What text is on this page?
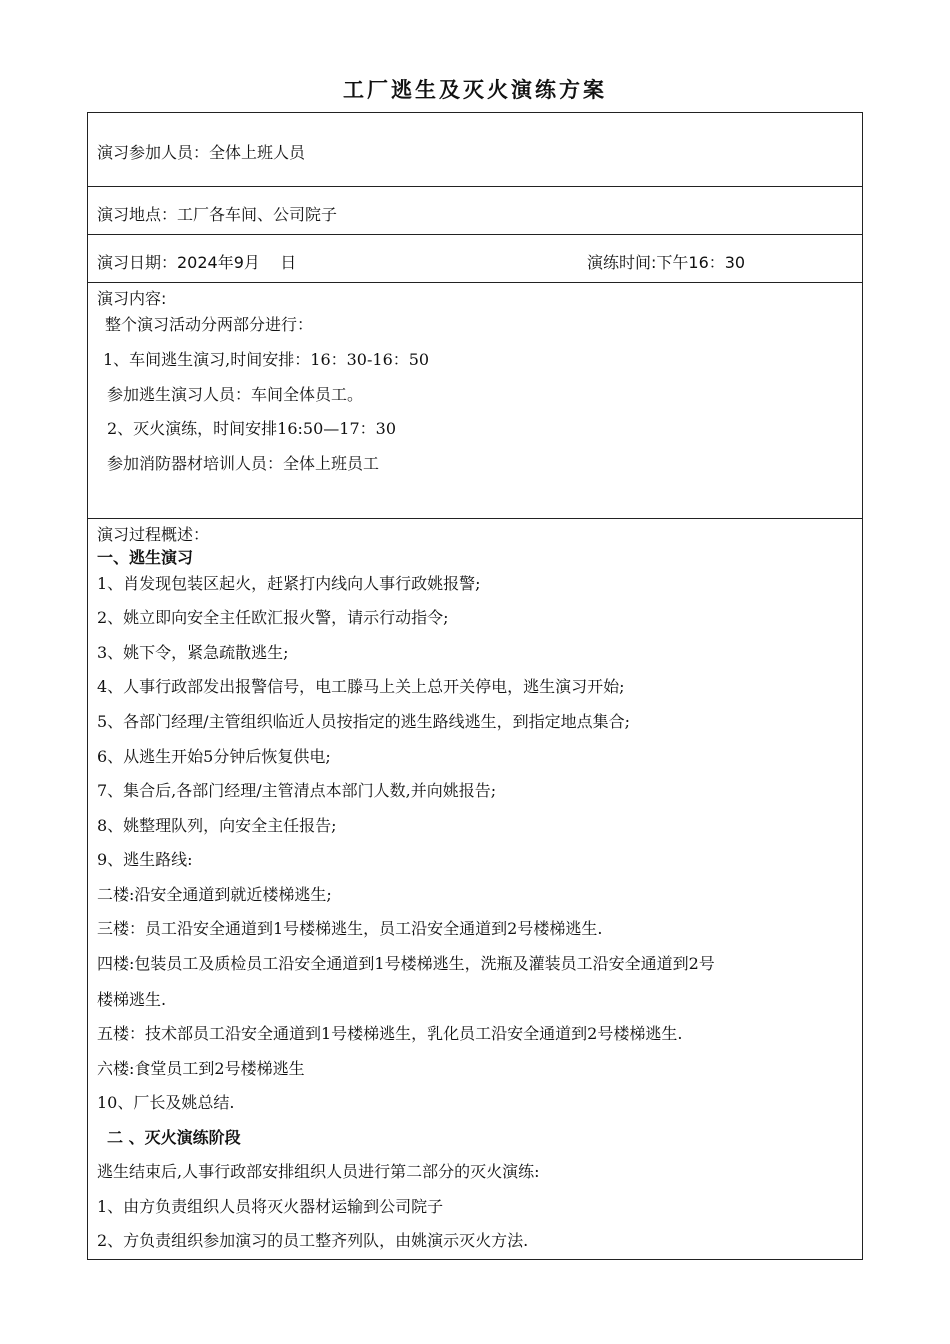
工厂逃生及灭火演练方案
演习参加人员：全体上班人员
演习地点：工厂各车间、公司院子
演习日期：2024年9月    日	演练时间:下午16：30
演习内容:
整个演习活动分两部分进行：
1、车间逃生演习,时间安排：16：30-16：50
参加逃生演习人员：车间全体员工。
2、灭火演练，时间安排16:50—17：30
参加消防器材培训人员：全体上班员工
演习过程概述：
一、逃生演习
1、肖发现包装区起火，赶紧打内线向人事行政姚报警;
2、姚立即向安全主任欧汇报火警，请示行动指令;
3、姚下令，紧急疏散逃生;
4、人事行政部发出报警信号，电工滕马上关上总开关停电，逃生演习开始;
5、各部门经理/主管组织临近人员按指定的逃生路线逃生，到指定地点集合;
6、从逃生开始5分钟后恢复供电;
7、集合后,各部门经理/主管清点本部门人数,并向姚报告;
8、姚整理队列，向安全主任报告;
9、逃生路线:
二楼:沿安全通道到就近楼梯逃生;
三楼：员工沿安全通道到1号楼梯逃生，员工沿安全通道到2号楼梯逃生.
四楼:包装员工及质检员工沿安全通道到1号楼梯逃生，洗瓶及灌装员工沿安全通道到2号
楼梯逃生.
五楼：技术部员工沿安全通道到1号楼梯逃生，乳化员工沿安全通道到2号楼梯逃生.
六楼:食堂员工到2号楼梯逃生
10、厂长及姚总结.
二 、灭火演练阶段
逃生结束后,人事行政部安排组织人员进行第二部分的灭火演练:
1、由方负责组织人员将灭火器材运输到公司院子
2、方负责组织参加演习的员工整齐列队，由姚演示灭火方法.
